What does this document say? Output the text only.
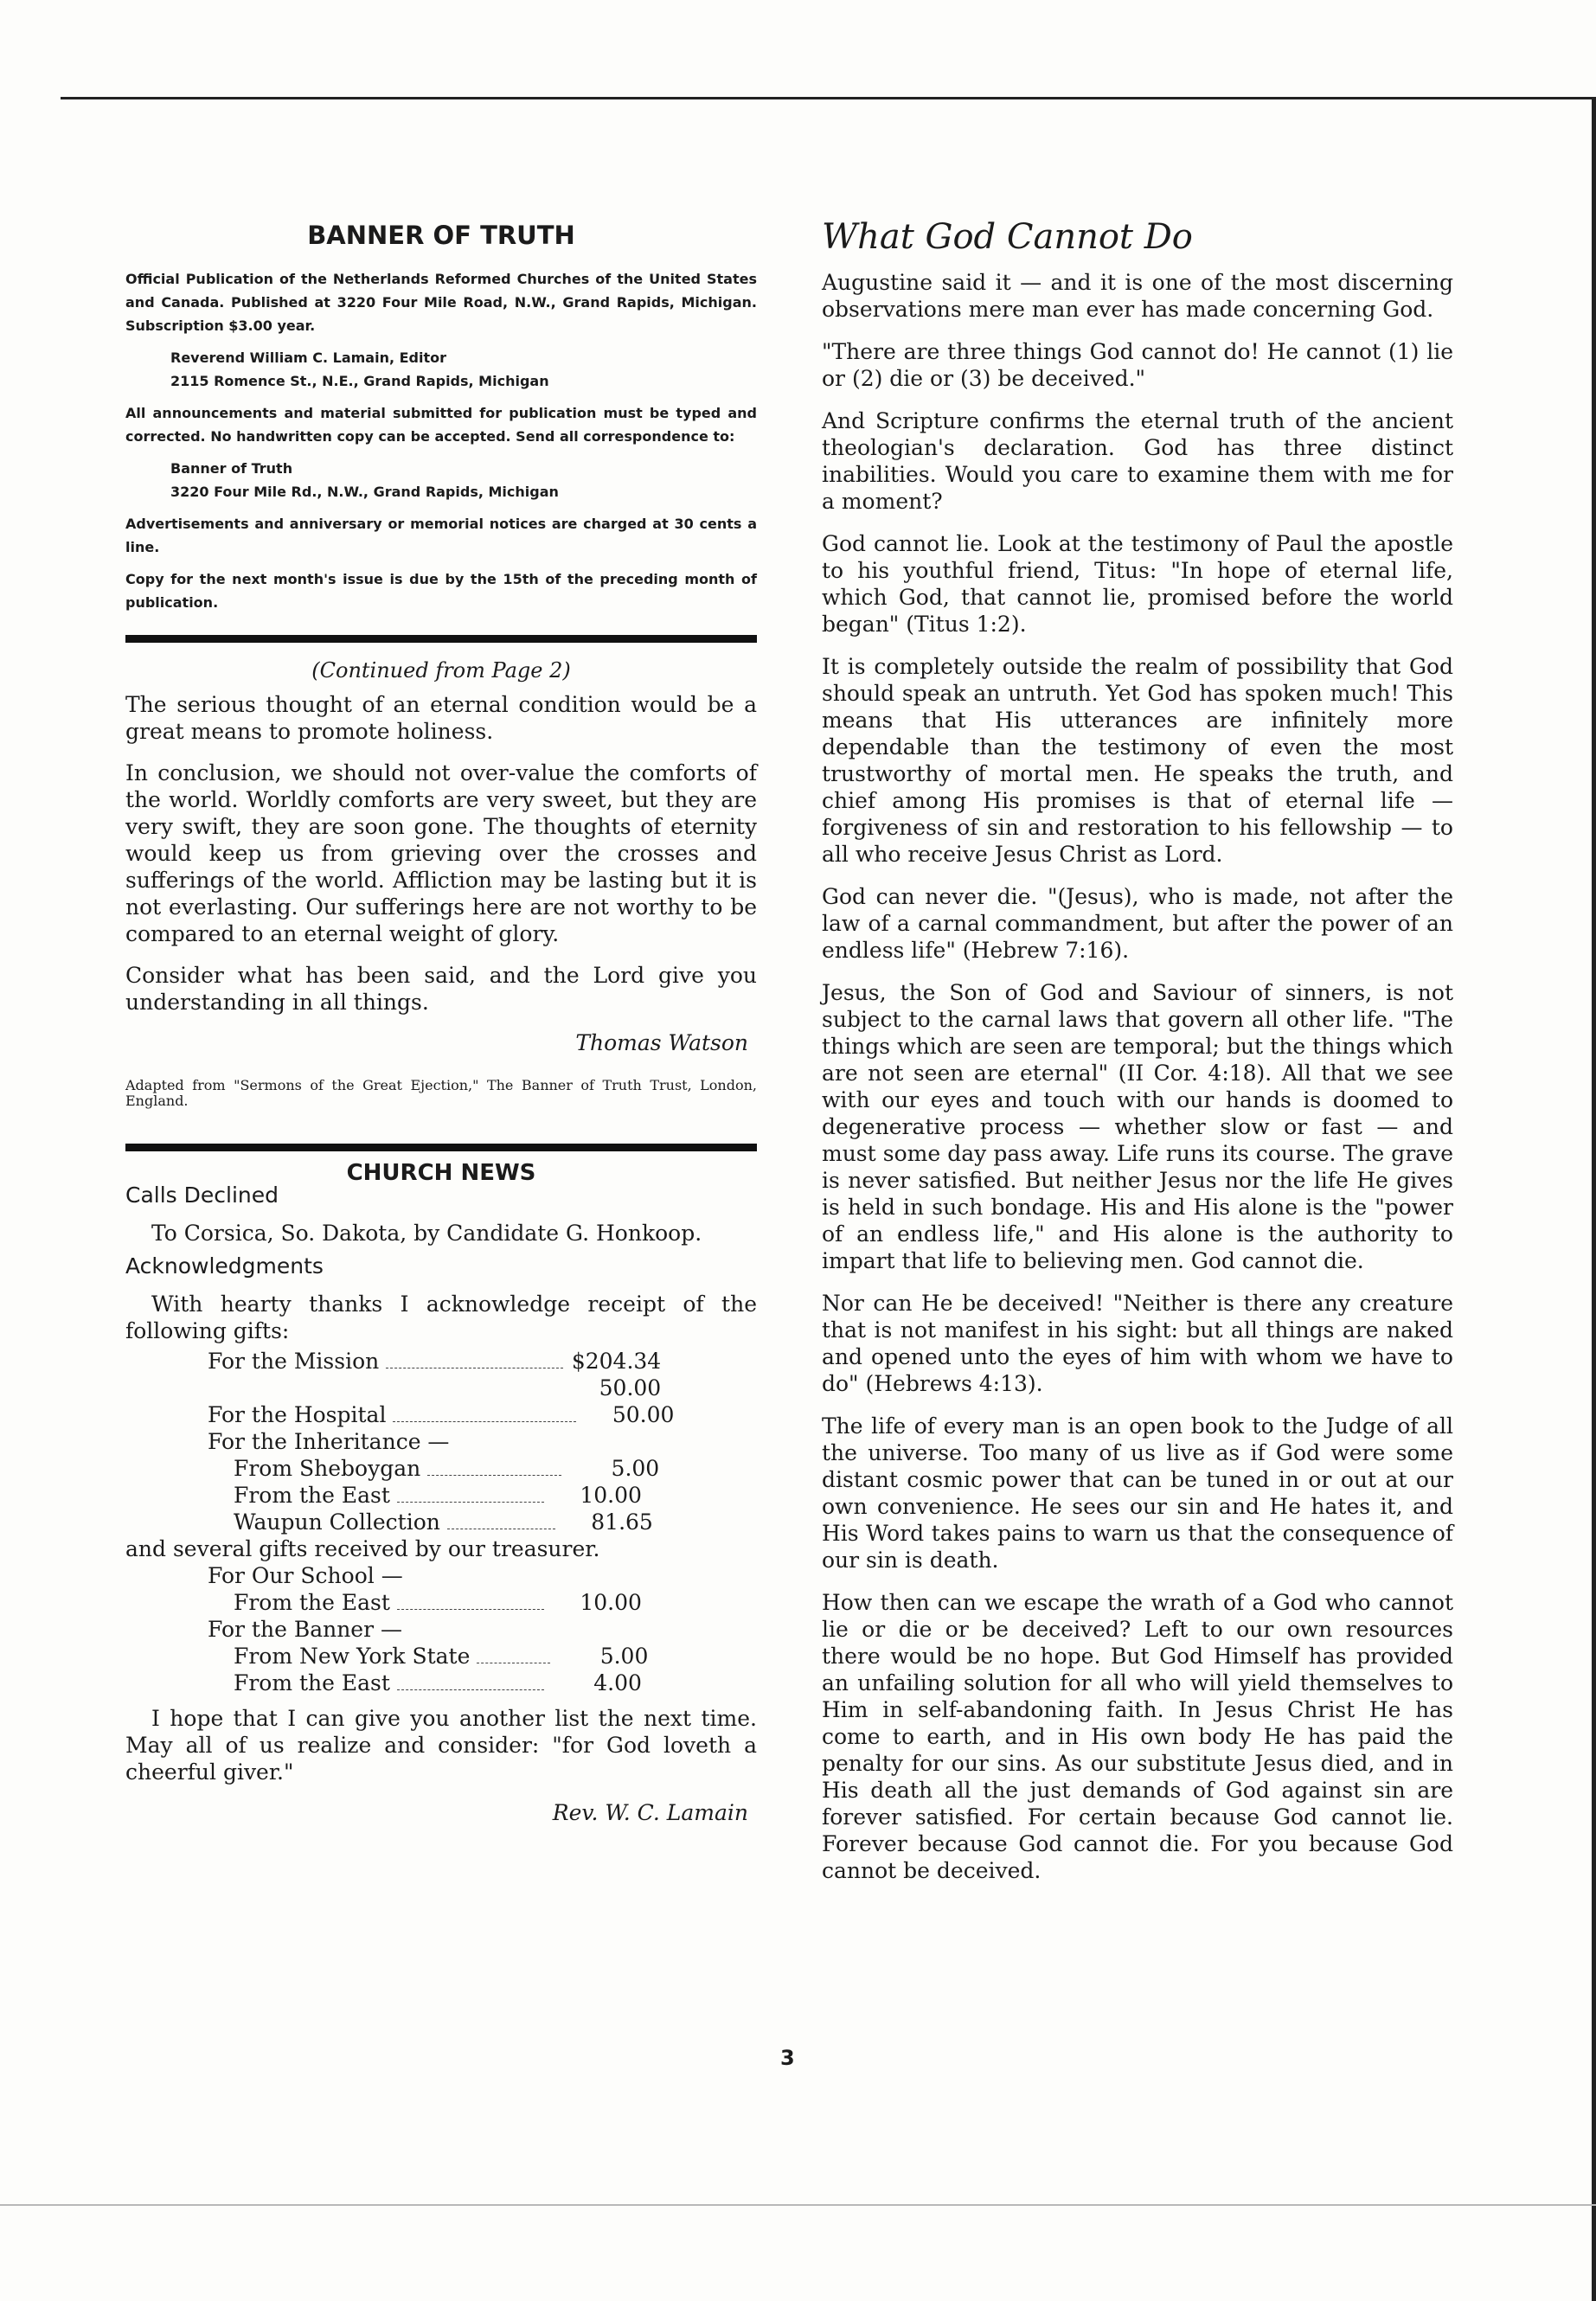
BANNER OF TRUTH
Official Publication of the Netherlands Reformed Churches of the United States and Canada. Published at 3220 Four Mile Road, N.W., Grand Rapids, Michigan. Subscription $3.00 year.

Reverend William C. Lamain, Editor

2115 Romence St., N.E., Grand Rapids, Michigan

All announcements and material submitted for publication must be typed and corrected. No handwritten copy can be accepted. Send all correspondence to:

Banner of Truth

3220 Four Mile Rd., N.W., Grand Rapids, Michigan

Advertisements and anniversary or memorial notices are charged at 30 cents a line.
Copy for the next month's issue is due by the 15th of the preceding month of publication.
(Continued from Page 2)

The serious thought of an eternal condition would be a great means to promote holiness.

In conclusion, we should not over-value the comforts of the world. Worldly comforts are very sweet, but they are very swift, they are soon gone. The thoughts of eternity would keep us from grieving over the crosses and sufferings of the world. Affliction may be lasting but it is not everlasting. Our sufferings here are not worthy to be compared to an eternal weight of glory.

Consider what has been said, and the Lord give you understanding in all things.

Thomas Watson
Adapted from "Sermons of the Great Ejection," The Banner of Truth Trust, London, England.
CHURCH NEWS
Calls Declined

To Corsica, So. Dakota, by Candidate G. Honkoop.

Acknowledgments

With hearty thanks I acknowledge receipt of the following gifts:

For the Mission	$204.34
50.00
For the Hospital	50.00
For the Inheritance —
From Sheboygan	5.00
From the East	10.00
Waupun Collection	81.65
and several gifts received by our treasurer.
For Our School —
From the East	10.00
For the Banner —
From New York State	5.00
From the East	4.00

I hope that I can give you another list the next time. May all of us realize and consider: "for God loveth a cheerful giver."

Rev. W. C. Lamain
What God Cannot Do

Augustine said it — and it is one of the most discerning observations mere man ever has made concerning God.

"There are three things God cannot do! He cannot (1) lie or (2) die or (3) be deceived."

And Scripture confirms the eternal truth of the ancient theologian's declaration. God has three distinct inabilities. Would you care to examine them with me for a moment?

God cannot lie. Look at the testimony of Paul the apostle to his youthful friend, Titus: "In hope of eternal life, which God, that cannot lie, promised before the world began" (Titus 1:2).

It is completely outside the realm of possibility that God should speak an untruth. Yet God has spoken much! This means that His utterances are infinitely more dependable than the testimony of even the most trustworthy of mortal men. He speaks the truth, and chief among His promises is that of eternal life — forgiveness of sin and restoration to his fellowship — to all who receive Jesus Christ as Lord.

God can never die. "(Jesus), who is made, not after the law of a carnal commandment, but after the power of an endless life" (Hebrew 7:16).

Jesus, the Son of God and Saviour of sinners, is not subject to the carnal laws that govern all other life. "The things which are seen are temporal; but the things which are not seen are eternal" (II Cor. 4:18). All that we see with our eyes and touch with our hands is doomed to degenerative process — whether slow or fast — and must some day pass away. Life runs its course. The grave is never satisfied. But neither Jesus nor the life He gives is held in such bondage. His and His alone is the "power of an endless life," and His alone is the authority to impart that life to believing men. God cannot die.

Nor can He be deceived! "Neither is there any creature that is not manifest in his sight: but all things are naked and opened unto the eyes of him with whom we have to do" (Hebrews 4:13).

The life of every man is an open book to the Judge of all the universe. Too many of us live as if God were some distant cosmic power that can be tuned in or out at our own convenience. He sees our sin and He hates it, and His Word takes pains to warn us that the consequence of our sin is death.

How then can we escape the wrath of a God who cannot lie or die or be deceived? Left to our own resources there would be no hope. But God Himself has provided an unfailing solution for all who will yield themselves to Him in self-abandoning faith. In Jesus Christ He has come to earth, and in His own body He has paid the penalty for our sins. As our substitute Jesus died, and in His death all the just demands of God against sin are forever satisfied. For certain because God cannot lie. Forever because God cannot die. For you because God cannot be deceived.

3
